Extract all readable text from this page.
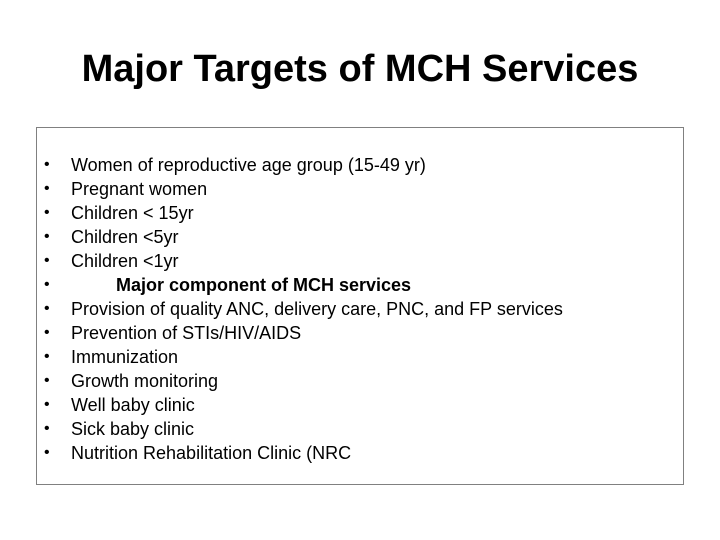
Major Targets of MCH Services
• Women of reproductive age group (15-49 yr)
• Pregnant women
• Children < 15yr
• Children <5yr
• Children <1yr
•	Major component of MCH services
• Provision of quality ANC, delivery care, PNC, and FP services
• Prevention of STIs/HIV/AIDS
• Immunization
• Growth monitoring
• Well baby clinic
• Sick baby clinic
• Nutrition Rehabilitation Clinic (NRC
